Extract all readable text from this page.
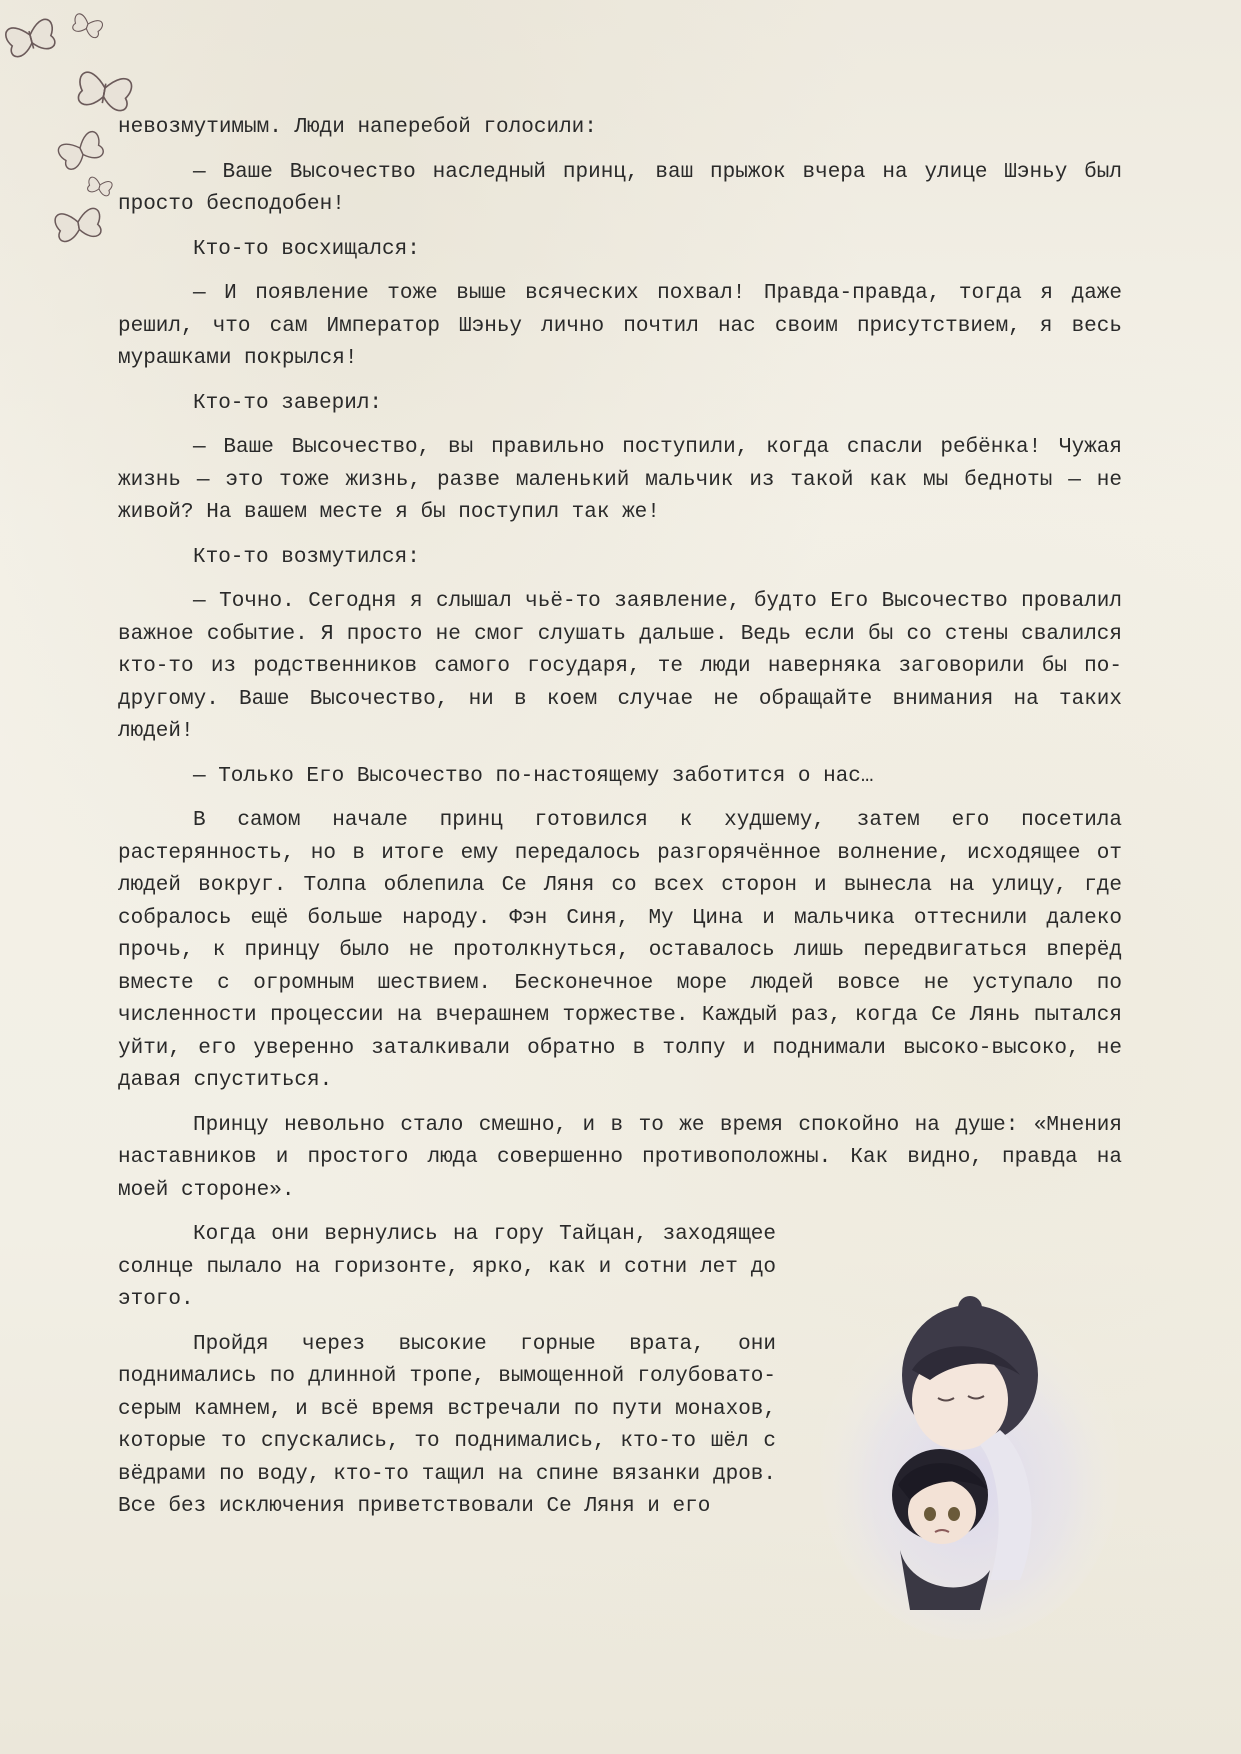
невозмутимым. Люди наперебой голосили:

— Ваше Высочество наследный принц, ваш прыжок вчера на улице Шэньу был просто бесподобен!

Кто-то восхищался:

— И появление тоже выше всяческих похвал! Правда-правда, тогда я даже решил, что сам Император Шэньу лично почтил нас своим присутствием, я весь мурашками покрылся!

Кто-то заверил:

— Ваше Высочество, вы правильно поступили, когда спасли ребёнка! Чужая жизнь — это тоже жизнь, разве маленький мальчик из такой как мы бедноты — не живой? На вашем месте я бы поступил так же!

Кто-то возмутился:

— Точно. Сегодня я слышал чьё-то заявление, будто Его Высочество провалил важное событие. Я просто не смог слушать дальше. Ведь если бы со стены свалился кто-то из родственников самого государя, те люди наверняка заговорили бы по-другому. Ваше Высочество, ни в коем случае не обращайте внимания на таких людей!

— Только Его Высочество по-настоящему заботится о нас…

В самом начале принц готовился к худшему, затем его посетила растерянность, но в итоге ему передалось разгорячённое волнение, исходящее от людей вокруг. Толпа облепила Се Ляня со всех сторон и вынесла на улицу, где собралось ещё больше народу. Фэн Синя, Му Цина и мальчика оттеснили далеко прочь, к принцу было не протолкнуться, оставалось лишь передвигаться вперёд вместе с огромным шествием. Бесконечное море людей вовсе не уступало по численности процессии на вчерашнем торжестве. Каждый раз, когда Се Лянь пытался уйти, его уверенно заталкивали обратно в толпу и поднимали высоко-высоко, не давая спуститься.

Принцу невольно стало смешно, и в то же время спокойно на душе: «Мнения наставников и простого люда совершенно противоположны. Как видно, правда на моей стороне».

Когда они вернулись на гору Тайцан, заходящее солнце пылало на горизонте, ярко, как и сотни лет до этого.

Пройдя через высокие горные врата, они поднимались по длинной тропе, вымощенной голубовато-серым камнем, и всё время встречали по пути монахов, которые то спускались, то поднимались, кто-то шёл с вёдрами по воду, кто-то тащил на спине вязанки дров. Все без исключения приветствовали Се Ляня и его
